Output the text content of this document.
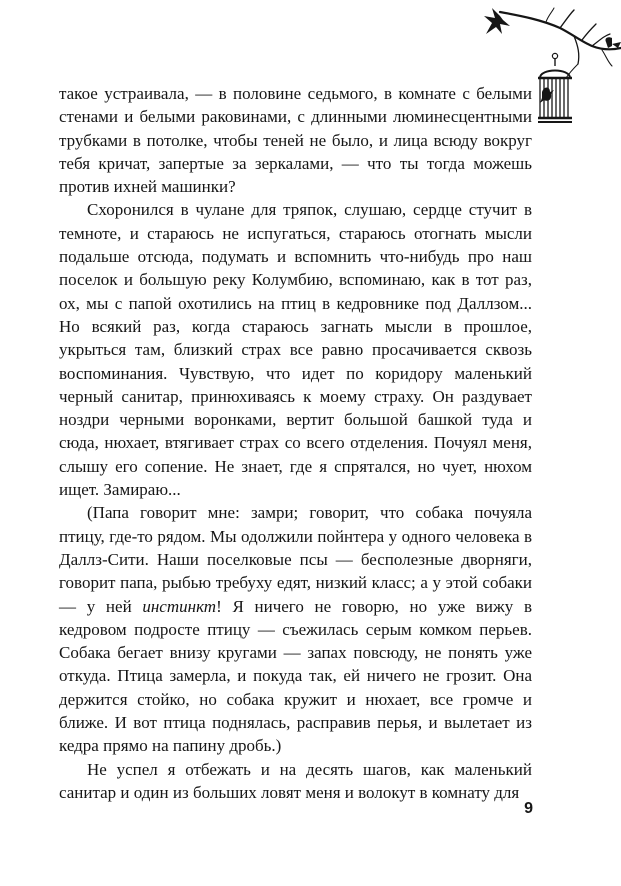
такое устраивала, — в половине седьмого, в комнате с белыми стенами и белыми раковинами, с длинными люминесцентными трубками в потолке, чтобы теней не было, и лица всюду вокруг тебя кричат, запертые за зеркалами, — что ты тогда можешь против ихней машинки?

Схоронился в чулане для тряпок, слушаю, сердце стучит в темноте, и стараюсь не испугаться, стараюсь отогнать мысли подальше отсюда, подумать и вспомнить что-нибудь про наш поселок и большую реку Колумбию, вспоминаю, как в тот раз, ох, мы с папой охотились на птиц в кедровнике под Даллзом... Но всякий раз, когда стараюсь загнать мысли в прошлое, укрыться там, близкий страх все равно просачивается сквозь воспоминания. Чувствую, что идет по коридору маленький черный санитар, принюхиваясь к моему страху. Он раздувает ноздри черными воронками, вертит большой башкой туда и сюда, нюхает, втягивает страх со всего отделения. Почуял меня, слышу его сопение. Не знает, где я спрятался, но чует, нюхом ищет. Замираю...

(Папа говорит мне: замри; говорит, что собака почуяла птицу, где-то рядом. Мы одолжили пойнтера у одного человека в Даллз-Сити. Наши поселковые псы — бесполезные дворняги, говорит папа, рыбью требуху едят, низкий класс; а у этой собаки — у ней инстинкт! Я ничего не говорю, но уже вижу в кедровом подросте птицу — съежилась серым комком перьев. Собака бегает внизу кругами — запах повсюду, не понять уже откуда. Птица замерла, и покуда так, ей ничего не грозит. Она держится стойко, но собака кружит и нюхает, все громче и ближе. И вот птица поднялась, расправив перья, и вылетает из кедра прямо на папину дробь.)

Не успел я отбежать и на десять шагов, как маленький санитар и один из больших ловят меня и волокут в комнату для

9
